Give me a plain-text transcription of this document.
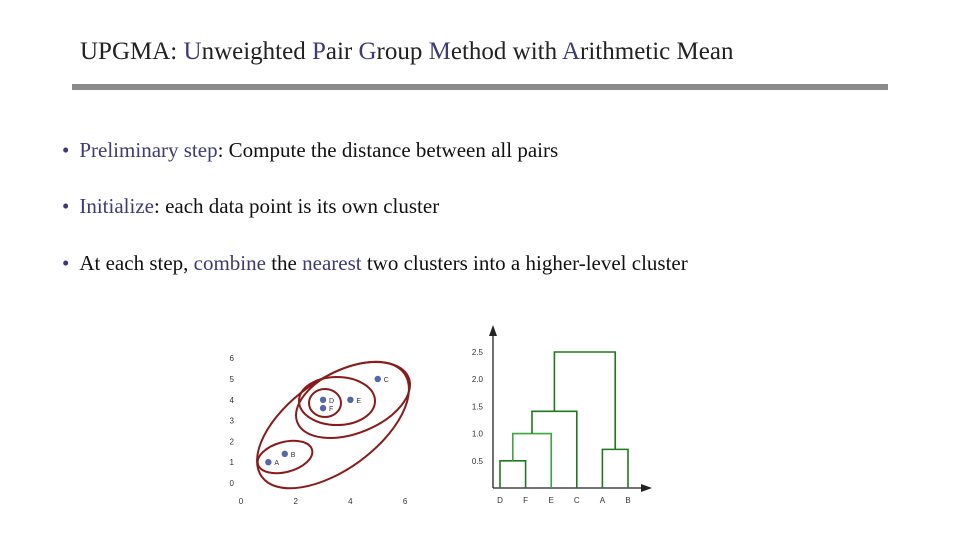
UPGMA: Unweighted Pair Group Method with Arithmetic Mean
• Preliminary step: Compute the distance between all pairs
• Initialize: each data point is its own cluster
• At each step, combine the nearest two clusters into a higher-level cluster
0
1
2
3
4
5
6
0	2	4	6
A
B
C
D	E
F
0.5
1.0
1.5
2.0
2.5
D	F	E	C	A	B
